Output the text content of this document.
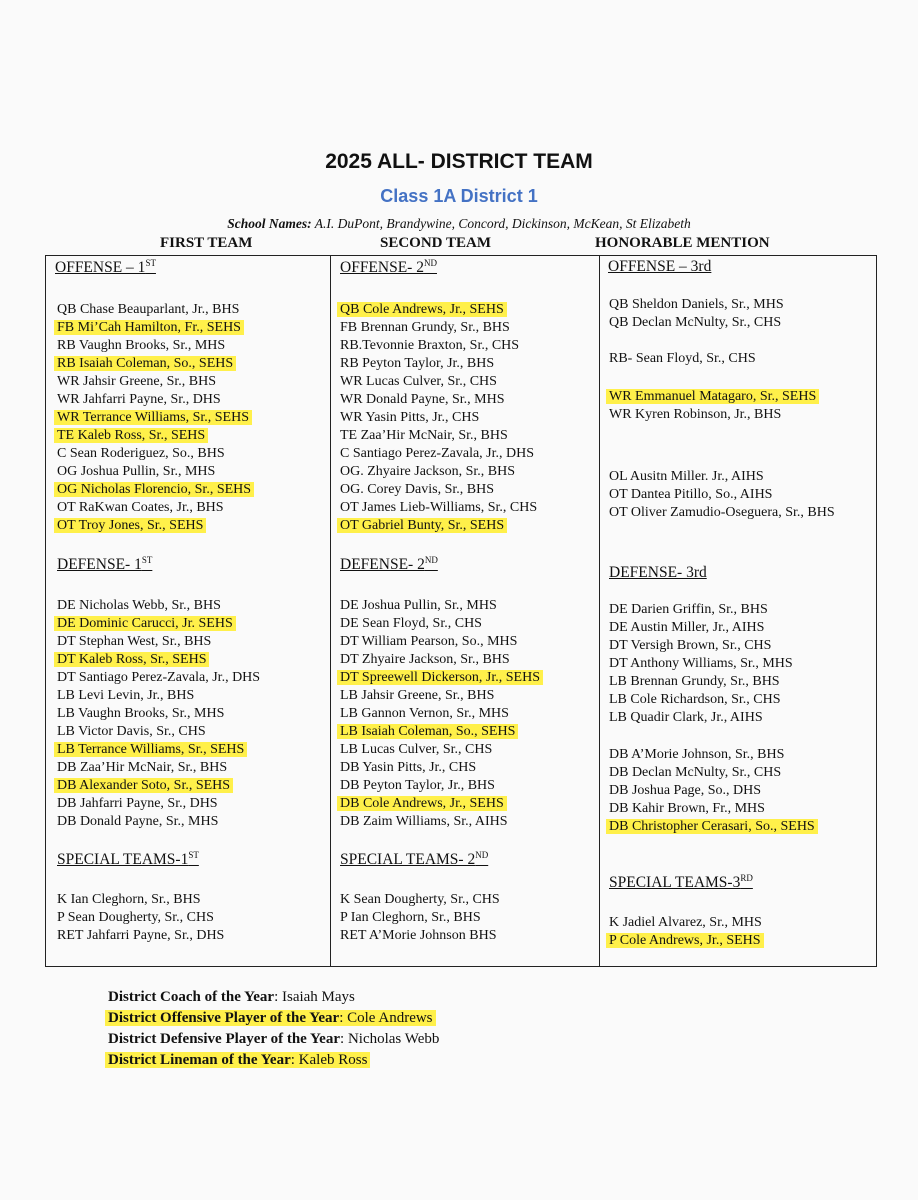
2025 ALL- DISTRICT TEAM
Class 1A District 1
School Names: A.I. DuPont, Brandywine, Concord, Dickinson, McKean, St Elizabeth
FIRST TEAM	SECOND TEAM	HONORABLE MENTION
OFFENSE – 1ST
QB Chase Beauparlant, Jr., BHS
FB Mi’Cah Hamilton, Fr., SEHS
RB Vaughn Brooks, Sr., MHS
RB Isaiah Coleman, So., SEHS
WR Jahsir Greene, Sr., BHS
WR Jahfarri Payne, Sr., DHS
WR Terrance Williams, Sr., SEHS
TE Kaleb Ross, Sr., SEHS
C Sean Roderiguez, So., BHS
OG Joshua Pullin, Sr., MHS
OG Nicholas Florencio, Sr., SEHS
OT RaKwan Coates, Jr., BHS
OT Troy Jones, Sr., SEHS
DEFENSE- 1ST
DE Nicholas Webb, Sr., BHS
DE Dominic Carucci, Jr. SEHS
DT Stephan West, Sr., BHS
DT Kaleb Ross, Sr., SEHS
DT Santiago Perez-Zavala, Jr., DHS
LB Levi Levin, Jr., BHS
LB Vaughn Brooks, Sr., MHS
LB Victor Davis, Sr., CHS
LB Terrance Williams, Sr., SEHS
DB Zaa’Hir McNair, Sr., BHS
DB Alexander Soto, Sr., SEHS
DB Jahfarri Payne, Sr., DHS
DB Donald Payne, Sr., MHS
SPECIAL TEAMS-1ST
K Ian Cleghorn, Sr., BHS
P Sean Dougherty, Sr., CHS
RET Jahfarri Payne, Sr., DHS
OFFENSE- 2ND
QB Cole Andrews, Jr., SEHS
FB Brennan Grundy, Sr., BHS
RB.Tevonnie Braxton, Sr., CHS
RB Peyton Taylor, Jr., BHS
WR Lucas Culver, Sr., CHS
WR Donald Payne, Sr., MHS
WR Yasin Pitts, Jr., CHS
TE Zaa’Hir McNair, Sr., BHS
C Santiago Perez-Zavala, Jr., DHS
OG. Zhyaire Jackson, Sr., BHS
OG. Corey Davis, Sr., BHS
OT James Lieb-Williams, Sr., CHS
OT Gabriel Bunty, Sr., SEHS
DEFENSE- 2ND
DE Joshua Pullin, Sr., MHS
DE Sean Floyd, Sr., CHS
DT William Pearson, So., MHS
DT Zhyaire Jackson, Sr., BHS
DT Spreewell Dickerson, Jr., SEHS
LB Jahsir Greene, Sr., BHS
LB Gannon Vernon, Sr., MHS
LB Isaiah Coleman, So., SEHS
LB Lucas Culver, Sr., CHS
DB Yasin Pitts, Jr., CHS
DB Peyton Taylor, Jr., BHS
DB Cole Andrews, Jr., SEHS
DB Zaim Williams, Sr., AIHS
SPECIAL TEAMS- 2ND
K Sean Dougherty, Sr., CHS
P Ian Cleghorn, Sr., BHS
RET A’Morie Johnson BHS
OFFENSE – 3rd
QB Sheldon Daniels, Sr., MHS
QB Declan McNulty, Sr., CHS
RB- Sean Floyd, Sr., CHS
WR Emmanuel Matagaro, Sr., SEHS
WR Kyren Robinson, Jr., BHS
OL Ausitn Miller. Jr., AIHS
OT Dantea Pitillo, So., AIHS
OT Oliver Zamudio-Oseguera, Sr., BHS
DEFENSE- 3rd
DE Darien Griffin, Sr., BHS
DE Austin Miller, Jr., AIHS
DT Versigh Brown, Sr., CHS
DT Anthony Williams, Sr., MHS
LB Brennan Grundy, Sr., BHS
LB Cole Richardson, Sr., CHS
LB Quadir Clark, Jr., AIHS
DB A’Morie Johnson, Sr., BHS
DB Declan McNulty, Sr., CHS
DB Joshua Page, So., DHS
DB Kahir Brown, Fr., MHS
DB Christopher Cerasari, So., SEHS
SPECIAL TEAMS-3RD
K Jadiel Alvarez, Sr., MHS
P Cole Andrews, Jr., SEHS
District Coach of the Year: Isaiah Mays
District Offensive Player of the Year: Cole Andrews
District Defensive Player of the Year: Nicholas Webb
District Lineman of the Year: Kaleb Ross
